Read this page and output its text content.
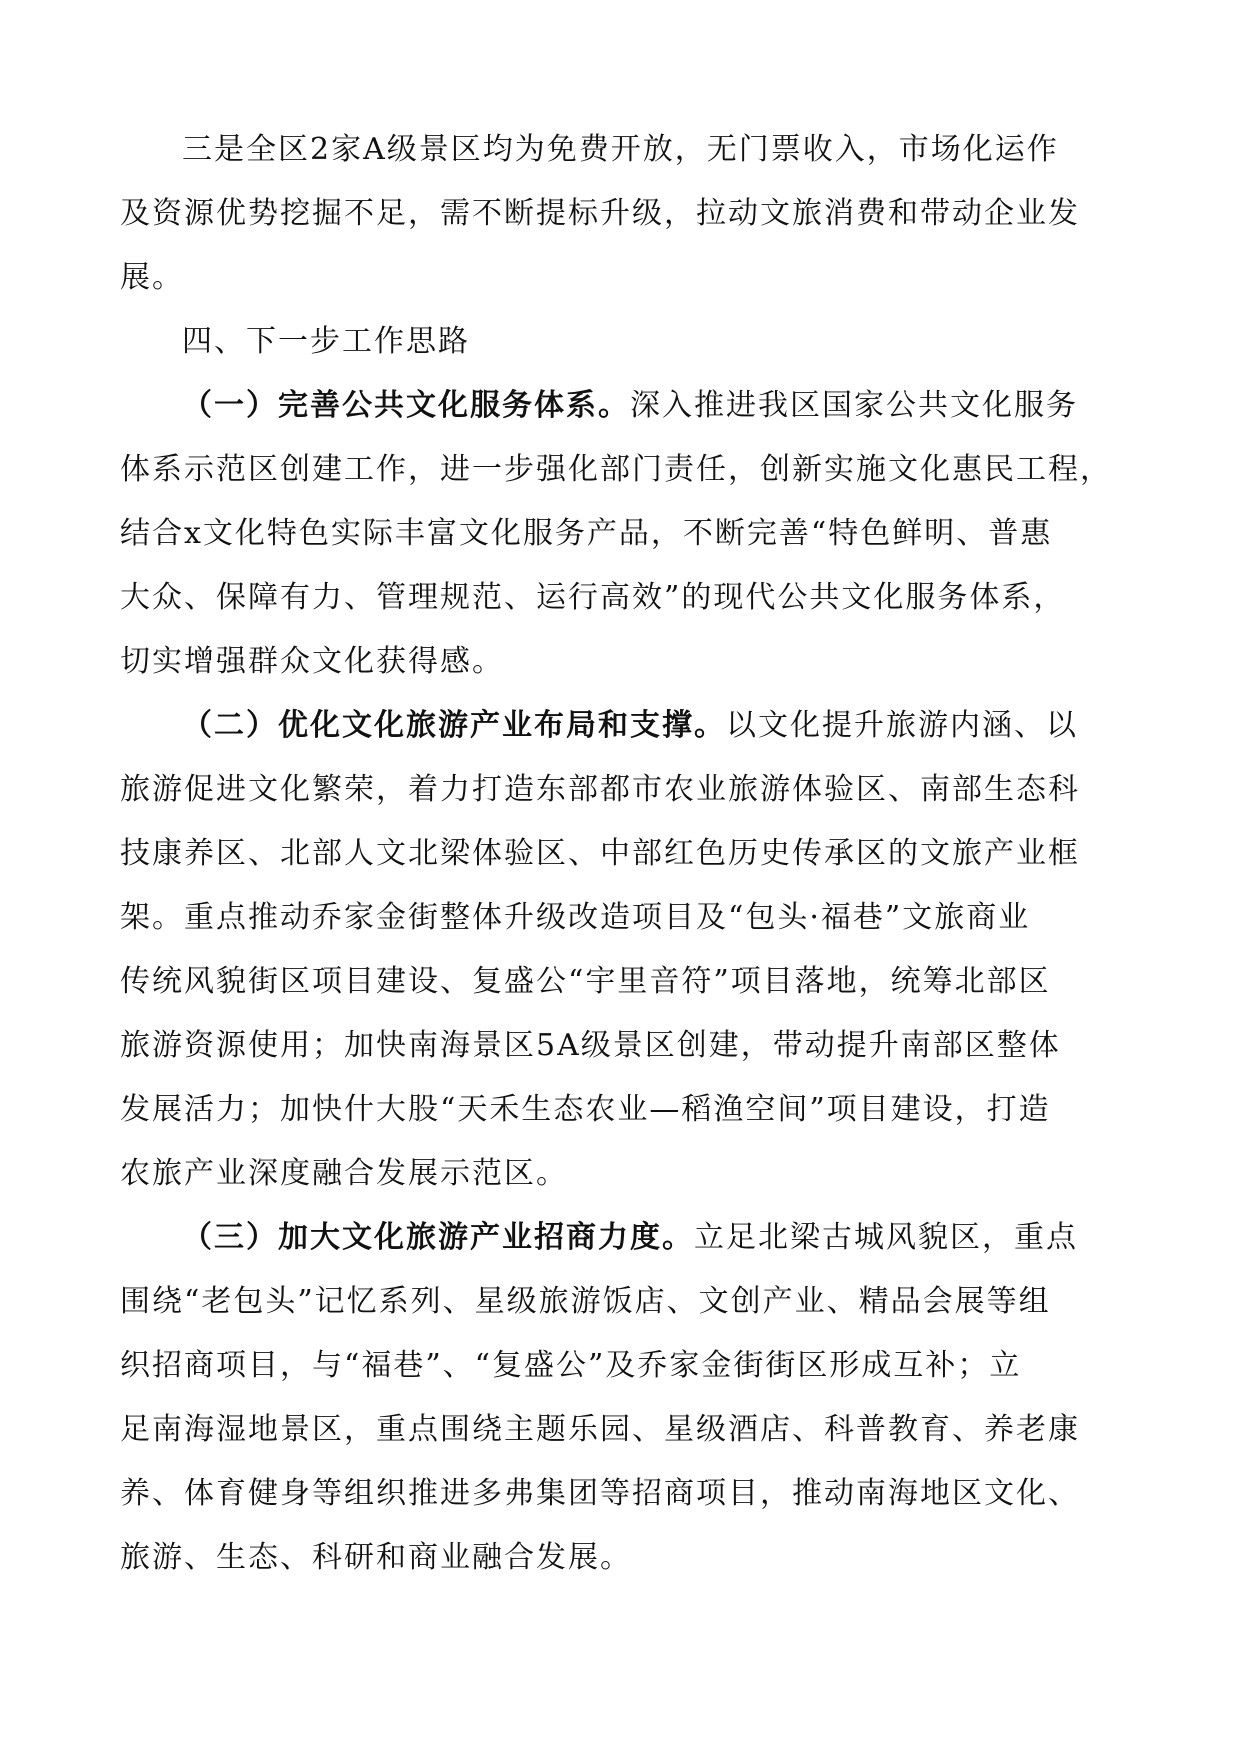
三是全区2家A级景区均为免费开放，无门票收入，市场化运作
及资源优势挖掘不足，需不断提标升级，拉动文旅消费和带动企业发
展。
四、下一步工作思路
（一）完善公共文化服务体系。深入推进我区国家公共文化服务
体系示范区创建工作，进一步强化部门责任，创新实施文化惠民工程，
结合x文化特色实际丰富文化服务产品，不断完善“特色鲜明、普惠
大众、保障有力、管理规范、运行高效”的现代公共文化服务体系，
切实增强群众文化获得感。
（二）优化文化旅游产业布局和支撑。以文化提升旅游内涵、以
旅游促进文化繁荣，着力打造东部都市农业旅游体验区、南部生态科
技康养区、北部人文北梁体验区、中部红色历史传承区的文旅产业框
架。重点推动乔家金街整体升级改造项目及“包头·福巷”文旅商业
传统风貌街区项目建设、复盛公“宇里音符”项目落地，统筹北部区
旅游资源使用；加快南海景区5A级景区创建，带动提升南部区整体
发展活力；加快什大股“天禾生态农业—稻渔空间”项目建设，打造
农旅产业深度融合发展示范区。
（三）加大文化旅游产业招商力度。立足北梁古城风貌区，重点
围绕“老包头”记忆系列、星级旅游饭店、文创产业、精品会展等组
织招商项目，与“福巷”、“复盛公”及乔家金街街区形成互补；立
足南海湿地景区，重点围绕主题乐园、星级酒店、科普教育、养老康
养、体育健身等组织推进多弗集团等招商项目，推动南海地区文化、
旅游、生态、科研和商业融合发展。
